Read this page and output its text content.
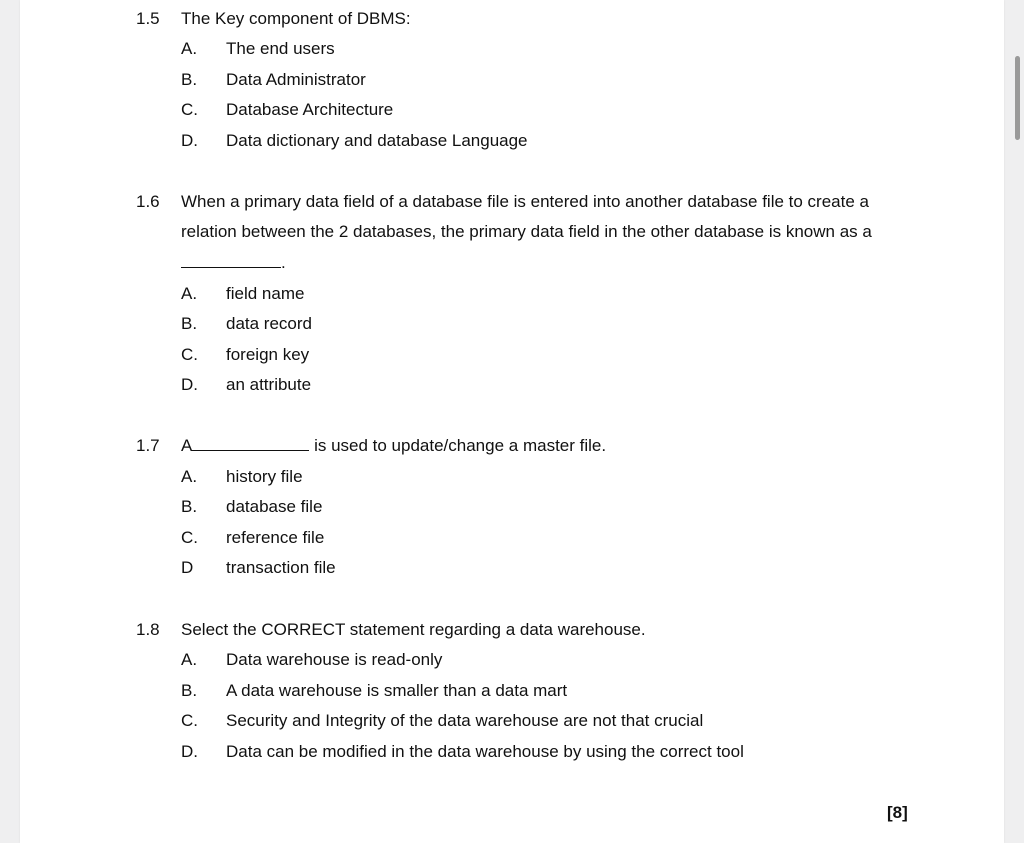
1.5 The Key component of DBMS:
A. The end users
B. Data Administrator
C. Database Architecture
D. Data dictionary and database Language
1.6 When a primary data field of a database file is entered into another database file to create a
relation between the 2 databases, the primary data field in the other database is known as a
.
A. field name
B. data record
C. foreign key
D. an attribute
1.7 A	is used to update/change a master file.
A. history file
B. database file
C. reference file
D transaction file
1.8 Select the CORRECT statement regarding a data warehouse.
A. Data warehouse is read-only
B. A data warehouse is smaller than a data mart
C. Security and Integrity of the data warehouse are not that crucial
D. Data can be modified in the data warehouse by using the correct tool
[8]
